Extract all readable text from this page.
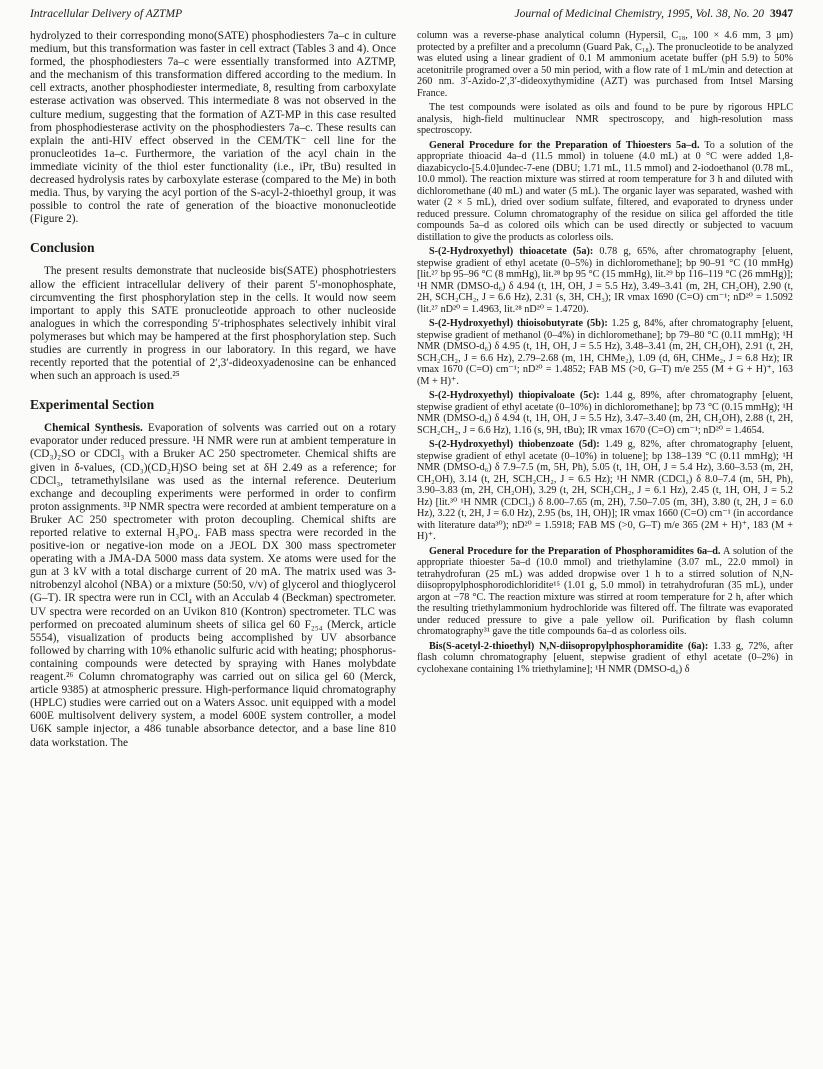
Intracellular Delivery of AZTMP	Journal of Medicinal Chemistry, 1995, Vol. 38, No. 20 3947

hydrolyzed to their corresponding mono(SATE) phosphodiesters 7a–c in culture medium, but this transformation was faster in cell extract (Tables 3 and 4). Once formed, the phosphodiesters 7a–c were essentially transformed into AZTMP, and the mechanism of this transformation differed according to the medium. In cell extracts, another phosphodiester intermediate, 8, resulting from carboxylate esterase activation was observed. This intermediate 8 was not observed in the culture medium, suggesting that the formation of AZT-MP in this case resulted from phosphodiesterase activity on the phosphodiesters 7a–c. These results can explain the anti-HIV effect observed in the CEM/TK⁻ cell line for the pronucleotides 1a–c. Furthermore, the variation of the acyl chain in the immediate vicinity of the thiol ester functionality (i.e., iPr, tBu) resulted in decreased hydrolysis rates by carboxylate esterase (compared to the Me) in both media. Thus, by varying the acyl portion of the S-acyl-2-thioethyl group, it was possible to control the rate of generation of the bioactive mononucleotide (Figure 2).

Conclusion

The present results demonstrate that nucleoside bis(SATE) phosphotriesters allow the efficient intracellular delivery of their parent 5′-monophosphate, circumventing the first phosphorylation step in the cells. It would now seem important to apply this SATE pronucleotide approach to other nucleoside analogues in which the corresponding 5′-triphosphates selectively inhibit viral polymerases but which may be hampered at the first phosphorylation step. Such studies are currently in progress in our laboratory. In this regard, we have recently reported that the potential of 2′,3′-dideoxyadenosine can be enhanced when such an approach is used.²⁵

Experimental Section

Chemical Synthesis. Evaporation of solvents was carried out on a rotary evaporator under reduced pressure. ¹H NMR were run at ambient temperature in (CD₃)₂SO or CDCl₃ with a Bruker AC 250 spectrometer. Chemical shifts are given in δ-values, (CD₃)(CD₂H)SO being set at δH 2.49 as a reference; for CDCl₃, tetramethylsilane was used as the internal reference. Deuterium exchange and decoupling experiments were performed in order to confirm proton assignments. ³¹P NMR spectra were recorded at ambient temperature on a Bruker AC 250 spectrometer with proton decoupling. Chemical shifts are reported relative to external H₃PO₄. FAB mass spectra were recorded in the positive-ion or negative-ion mode on a JEOL DX 300 mass spectrometer operating with a JMA-DA 5000 mass data system. Xe atoms were used for the gun at 3 kV with a total discharge current of 20 mA. The matrix used was 3-nitrobenzyl alcohol (NBA) or a mixture (50:50, v/v) of glycerol and thioglycerol (G–T). IR spectra were run in CCl₄ with an Acculab 4 (Beckman) spectrometer. UV spectra were recorded on an Uvikon 810 (Kontron) spectrometer. TLC was performed on precoated aluminum sheets of silica gel 60 F₂₅₄ (Merck, article 5554), visualization of products being accomplished by UV absorbance followed by charring with 10% ethanolic sulfuric acid with heating; phosphorus-containing compounds were detected by spraying with Hanes molybdate reagent.²⁶ Column chromatography was carried out on silica gel 60 (Merck, article 9385) at atmospheric pressure. High-performance liquid chromatography (HPLC) studies were carried out on a Waters Assoc. unit equipped with a model 600E multisolvent delivery system, a model 600E system controller, a model U6K sample injector, a 486 tunable absorbance detector, and a base line 810 data workstation. The

column was a reverse-phase analytical column (Hypersil, C₁₈, 100 × 4.6 mm, 3 μm) protected by a prefilter and a precolumn (Guard Pak, C₁₈). The pronucleotide to be analyzed was eluted using a linear gradient of 0.1 M ammonium acetate buffer (pH 5.9) to 50% acetonitrile programed over a 50 min period, with a flow rate of 1 mL/min and detection at 260 nm. 3′-Azido-2′,3′-dideoxythymidine (AZT) was purchased from Intsel Marsing France.

The test compounds were isolated as oils and found to be pure by rigorous HPLC analysis, high-field multinuclear NMR spectroscopy, and high-resolution mass spectroscopy.

General Procedure for the Preparation of Thioesters 5a–d. To a solution of the appropriate thioacid 4a–d (11.5 mmol) in toluene (4.0 mL) at 0 °C were added 1,8-diazabicyclo-[5.4.0]undec-7-ene (DBU; 1.71 mL, 11.5 mmol) and 2-iodoethanol (0.78 mL, 10.0 mmol). The reaction mixture was stirred at room temperature for 3 h and diluted with dichloromethane (40 mL) and water (5 mL). The organic layer was separated, washed with water (2 × 5 mL), dried over sodium sulfate, filtered, and evaporated to dryness under reduced pressure. Column chromatography of the residue on silica gel afforded the title compounds 5a–d as colored oils which can be used directly or subjected to vacuum distillation to give the products as colorless oils.

S-(2-Hydroxyethyl) thioacetate (5a): 0.78 g, 65%, after chromatography [eluent, stepwise gradient of ethyl acetate (0–5%) in dichloromethane]; bp 90–91 °C (10 mmHg) [lit.²⁷ bp 95–96 °C (8 mmHg), lit.²⁸ bp 95 °C (15 mmHg), lit.²⁹ bp 116–119 °C (26 mmHg)]; ¹H NMR (DMSO-d₆) δ 4.94 (t, 1H, OH, J = 5.5 Hz), 3.49–3.41 (m, 2H, CH₂OH), 2.90 (t, 2H, SCH₂CH₂, J = 6.6 Hz), 2.31 (s, 3H, CH₃); IR νmax 1690 (C=O) cm⁻¹; nD²⁰ = 1.5092 (lit.²⁷ nD²⁰ = 1.4963, lit.²⁸ nD²⁰ = 1.4720).

S-(2-Hydroxyethyl) thioisobutyrate (5b): 1.25 g, 84%, after chromatography [eluent, stepwise gradient of methanol (0–4%) in dichloromethane]; bp 79–80 °C (0.11 mmHg); ¹H NMR (DMSO-d₆) δ 4.95 (t, 1H, OH, J = 5.5 Hz), 3.48–3.41 (m, 2H, CH₂OH), 2.91 (t, 2H, SCH₂CH₂, J = 6.6 Hz), 2.79–2.68 (m, 1H, CHMe₂), 1.09 (d, 6H, CHMe₂, J = 6.8 Hz); IR νmax 1670 (C=O) cm⁻¹; nD²⁰ = 1.4852; FAB MS (>0, G–T) m/e 255 (M + G + H)⁺, 163 (M + H)⁺.

S-(2-Hydroxyethyl) thiopivaloate (5c): 1.44 g, 89%, after chromatography [eluent, stepwise gradient of ethyl acetate (0–10%) in dichloromethane]; bp 73 °C (0.15 mmHg); ¹H NMR (DMSO-d₆) δ 4.94 (t, 1H, OH, J = 5.5 Hz), 3.47–3.40 (m, 2H, CH₂OH), 2.88 (t, 2H, SCH₂CH₂, J = 6.6 Hz), 1.16 (s, 9H, tBu); IR νmax 1670 (C=O) cm⁻¹; nD²⁰ = 1.4654.

S-(2-Hydroxyethyl) thiobenzoate (5d): 1.49 g, 82%, after chromatography [eluent, stepwise gradient of ethyl acetate (0–10%) in toluene]; bp 138–139 °C (0.11 mmHg); ¹H NMR (DMSO-d₆) δ 7.9–7.5 (m, 5H, Ph), 5.05 (t, 1H, OH, J = 5.4 Hz), 3.60–3.53 (m, 2H, CH₂OH), 3.14 (t, 2H, SCH₂CH₂, J = 6.5 Hz); ¹H NMR (CDCl₃) δ 8.0–7.4 (m, 5H, Ph), 3.90–3.83 (m, 2H, CH₂OH), 3.29 (t, 2H, SCH₂CH₂, J = 6.1 Hz), 2.45 (t, 1H, OH, J = 5.2 Hz) [lit.³⁰ ¹H NMR (CDCl₃) δ 8.00–7.65 (m, 2H), 7.50–7.05 (m, 3H), 3.80 (t, 2H, J = 6.0 Hz), 3.22 (t, 2H, J = 6.0 Hz), 2.95 (bs, 1H, OH)]; IR νmax 1660 (C=O) cm⁻¹ (in accordance with literature data³⁰); nD²⁰ = 1.5918; FAB MS (>0, G–T) m/e 365 (2M + H)⁺, 183 (M + H)⁺.

General Procedure for the Preparation of Phosphoramidites 6a–d. A solution of the appropriate thioester 5a–d (10.0 mmol) and triethylamine (3.07 mL, 22.0 mmol) in tetrahydrofuran (25 mL) was added dropwise over 1 h to a stirred solution of N,N-diisopropylphosphorodichloridite¹⁵ (1.01 g, 5.0 mmol) in tetrahydrofuran (35 mL), under argon at −78 °C. The reaction mixture was stirred at room temperature for 2 h, after which the resulting triethylammonium hydrochloride was filtered off. The filtrate was evaporated under reduced pressure to give a pale yellow oil. Purification by flash column chromatography³¹ gave the title compounds 6a–d as colorless oils.

Bis(S-acetyl-2-thioethyl) N,N-diisopropylphosphoramidite (6a): 1.33 g, 72%, after flash column chromatography [eluent, stepwise gradient of ethyl acetate (0–2%) in cyclohexane containing 1% triethylamine]; ¹H NMR (DMSO-d₆) δ
